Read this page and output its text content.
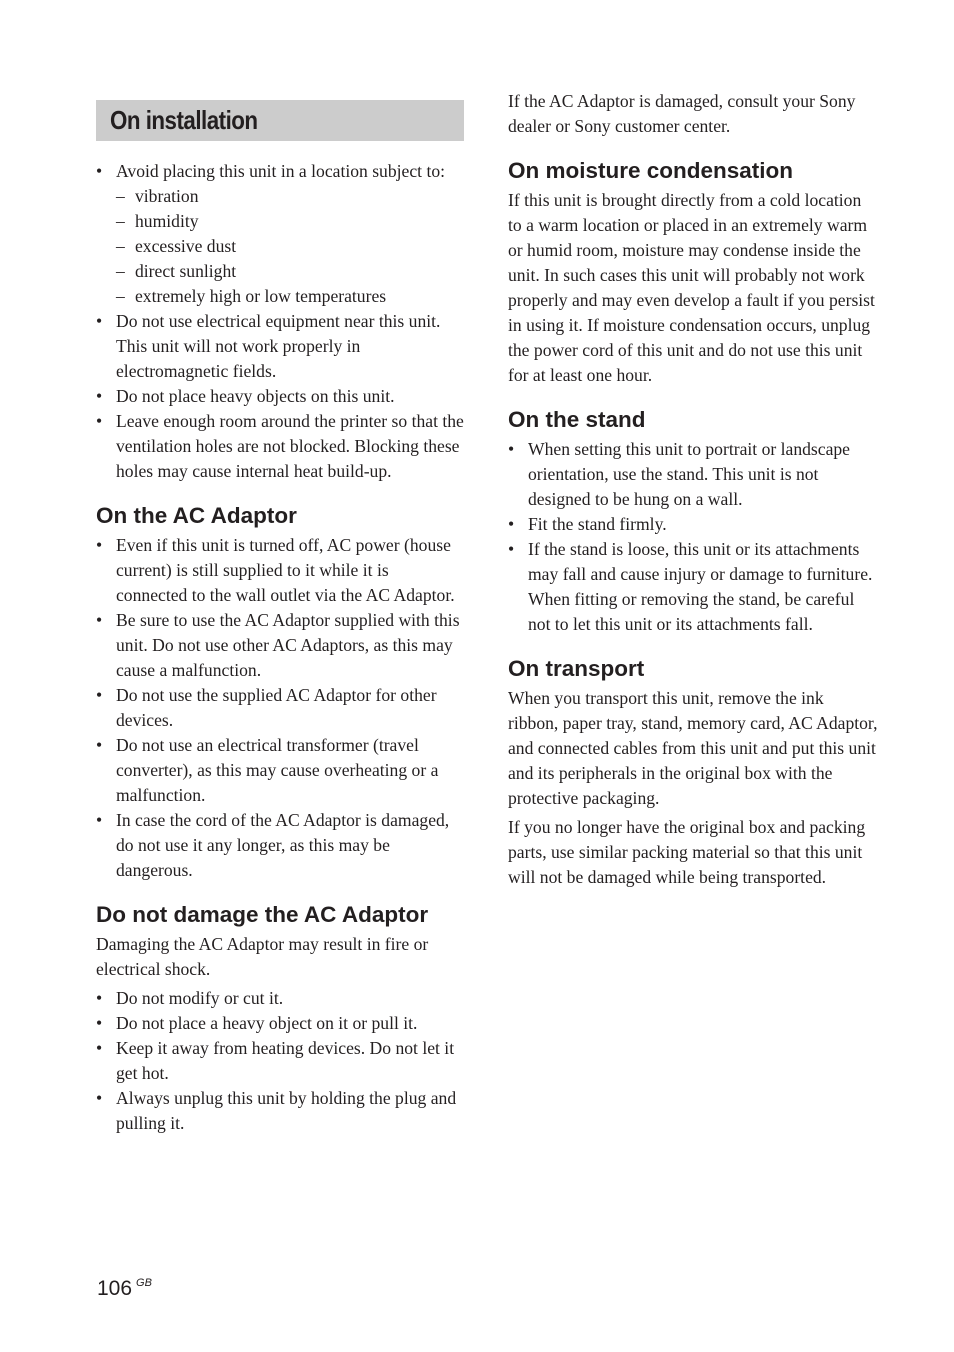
On installation
• Avoid placing this unit in a location subject to:
– vibration
– humidity
– excessive dust
– direct sunlight
– extremely high or low temperatures
• Do not use electrical equipment near this unit. This unit will not work properly in electromagnetic fields.
• Do not place heavy objects on this unit.
• Leave enough room around the printer so that the ventilation holes are not blocked. Blocking these holes may cause internal heat build-up.
On the AC Adaptor
• Even if this unit is turned off, AC power (house current) is still supplied to it while it is connected to the wall outlet via the AC Adaptor.
• Be sure to use the AC Adaptor supplied with this unit. Do not use other AC Adaptors, as this may cause a malfunction.
• Do not use the supplied AC Adaptor for other devices.
• Do not use an electrical transformer (travel converter), as this may cause overheating or a malfunction.
• In case the cord of the AC Adaptor is damaged, do not use it any longer, as this may be dangerous.
Do not damage the AC Adaptor

Damaging the AC Adaptor may result in fire or electrical shock.

• Do not modify or cut it.
• Do not place a heavy object on it or pull it.
• Keep it away from heating devices. Do not let it get hot.
• Always unplug this unit by holding the plug and pulling it.

If the AC Adaptor is damaged, consult your Sony dealer or Sony customer center.

On moisture condensation

If this unit is brought directly from a cold location to a warm location or placed in an extremely warm or humid room, moisture may condense inside the unit. In such cases this unit will probably not work properly and may even develop a fault if you persist in using it. If moisture condensation occurs, unplug the power cord of this unit and do not use this unit for at least one hour.

On the stand
• When setting this unit to portrait or landscape orientation, use the stand. This unit is not designed to be hung on a wall.
• Fit the stand firmly.
• If the stand is loose, this unit or its attachments may fall and cause injury or damage to furniture.
When fitting or removing the stand, be careful not to let this unit or its attachments fall.
On transport

When you transport this unit, remove the ink ribbon, paper tray, stand, memory card, AC Adaptor, and connected cables from this unit and put this unit and its peripherals in the original box with the protective packaging.

If you no longer have the original box and packing parts, use similar packing material so that this unit will not be damaged while being transported.

106 $^{GB}$
